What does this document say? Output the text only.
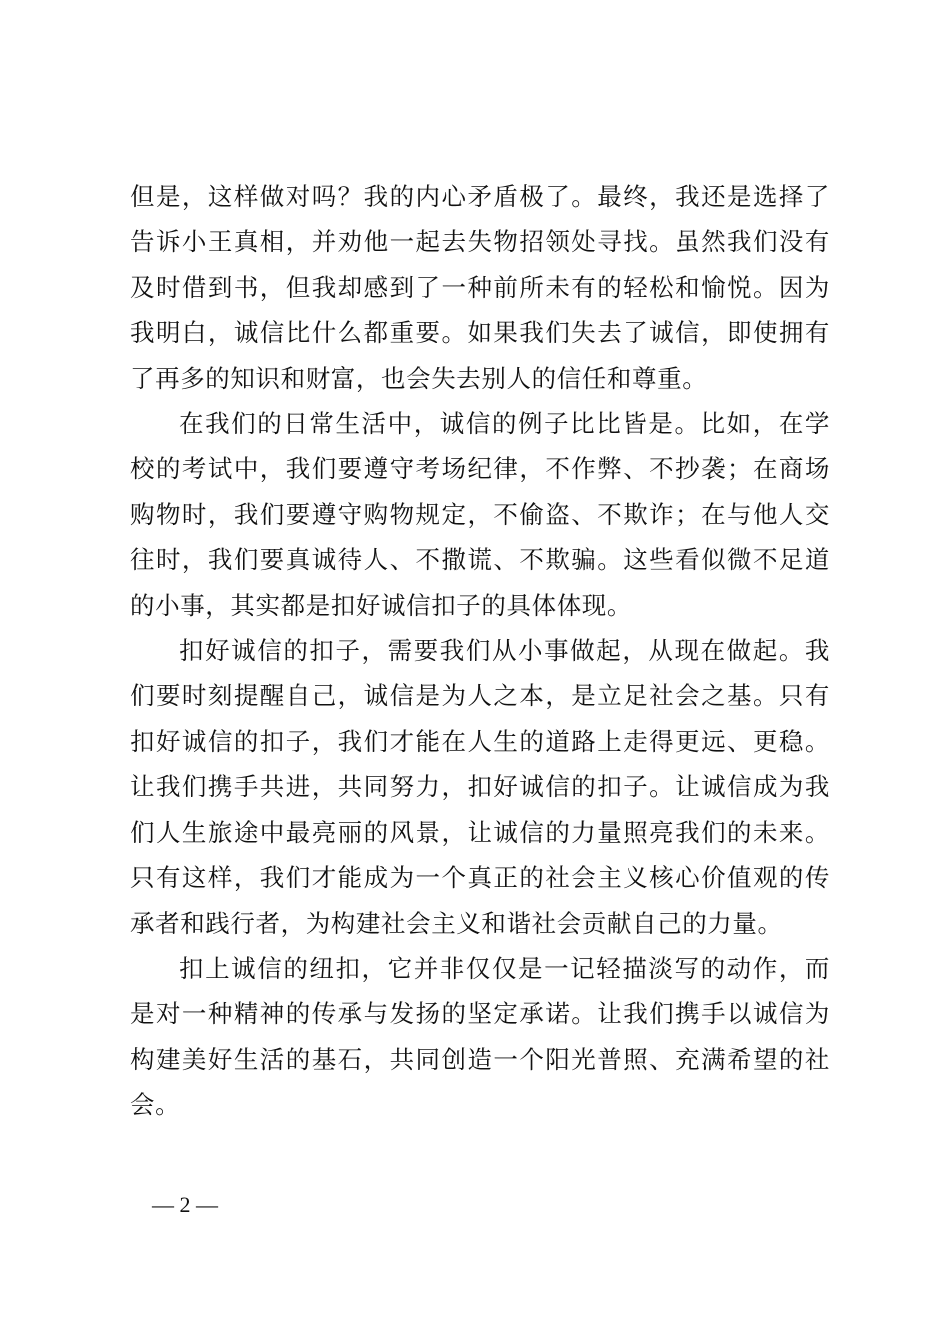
但是，这样做对吗？我的内心矛盾极了。最终，我还是选择了告诉小王真相，并劝他一起去失物招领处寻找。虽然我们没有及时借到书，但我却感到了一种前所未有的轻松和愉悦。因为我明白，诚信比什么都重要。如果我们失去了诚信，即使拥有了再多的知识和财富，也会失去别人的信任和尊重。

在我们的日常生活中，诚信的例子比比皆是。比如，在学校的考试中，我们要遵守考场纪律，不作弊、不抄袭；在商场购物时，我们要遵守购物规定，不偷盗、不欺诈；在与他人交往时，我们要真诚待人、不撒谎、不欺骗。这些看似微不足道的小事，其实都是扣好诚信扣子的具体体现。

扣好诚信的扣子，需要我们从小事做起，从现在做起。我们要时刻提醒自己，诚信是为人之本，是立足社会之基。只有扣好诚信的扣子，我们才能在人生的道路上走得更远、更稳。让我们携手共进，共同努力，扣好诚信的扣子。让诚信成为我们人生旅途中最亮丽的风景，让诚信的力量照亮我们的未来。只有这样，我们才能成为一个真正的社会主义核心价值观的传承者和践行者，为构建社会主义和谐社会贡献自己的力量。

扣上诚信的纽扣，它并非仅仅是一记轻描淡写的动作，而是对一种精神的传承与发扬的坚定承诺。让我们携手以诚信为构建美好生活的基石，共同创造一个阳光普照、充满希望的社会。

— 2 —
